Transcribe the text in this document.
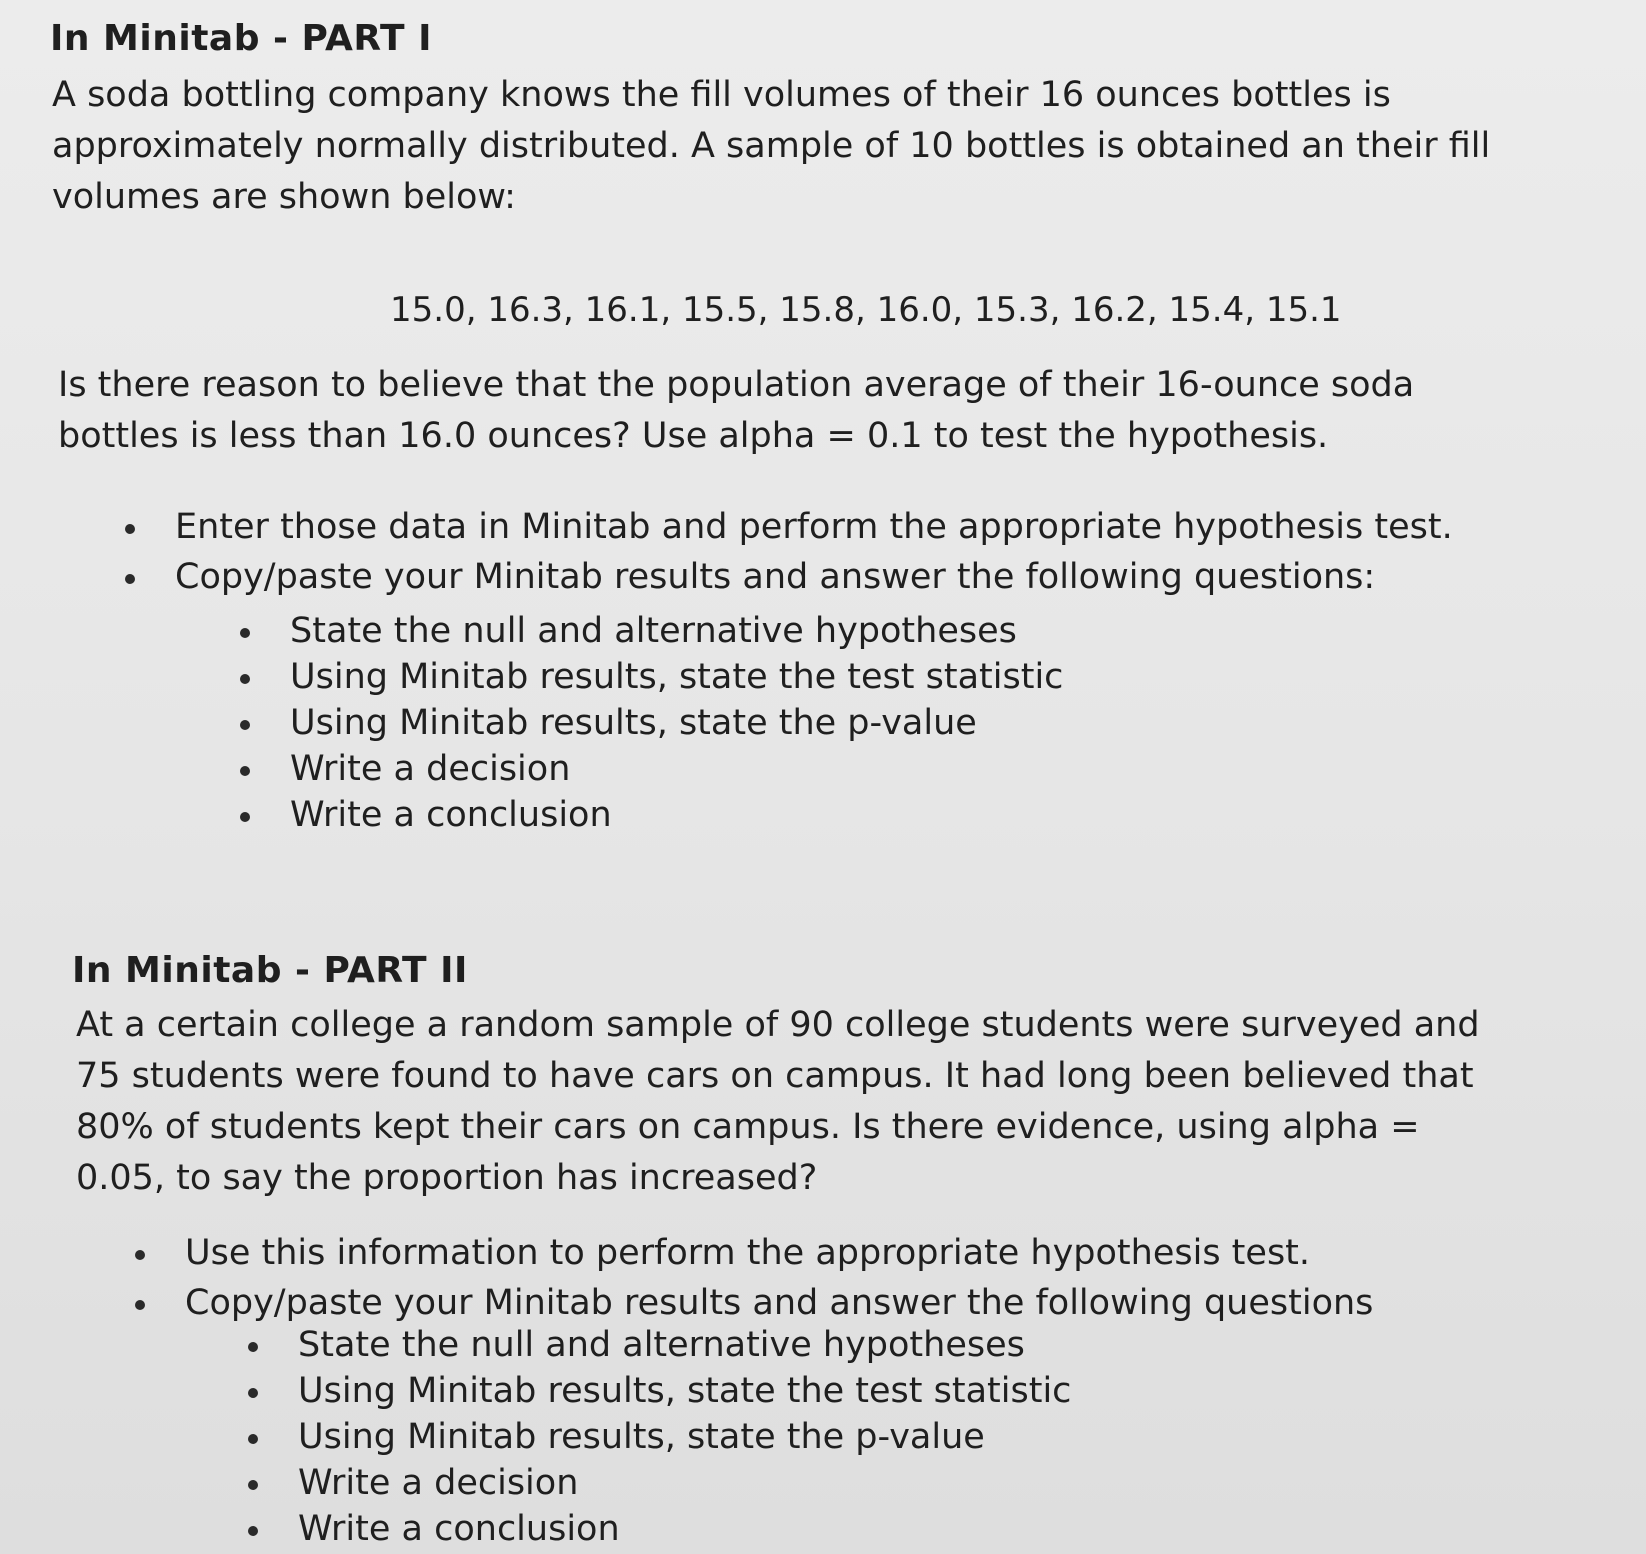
In Minitab - PART I

A soda bottling company knows the fill volumes of their 16 ounces bottles is approximately normally distributed. A sample of 10 bottles is obtained an their fill volumes are shown below:

15.0, 16.3, 16.1, 15.5, 15.8, 16.0, 15.3, 16.2, 15.4, 15.1

Is there reason to believe that the population average of their 16-ounce soda bottles is less than 16.0 ounces? Use alpha = 0.1 to test the hypothesis.

Enter those data in Minitab and perform the appropriate hypothesis test.
Copy/paste your Minitab results and answer the following questions:
State the null and alternative hypotheses
Using Minitab results, state the test statistic
Using Minitab results, state the p-value
Write a decision
Write a conclusion
In Minitab - PART II

At a certain college a random sample of 90 college students were surveyed and 75 students were found to have cars on campus. It had long been believed that 80% of students kept their cars on campus. Is there evidence, using alpha = 0.05, to say the proportion has increased?

Use this information to perform the appropriate hypothesis test.
Copy/paste your Minitab results and answer the following questions
State the null and alternative hypotheses
Using Minitab results, state the test statistic
Using Minitab results, state the p-value
Write a decision
Write a conclusion
